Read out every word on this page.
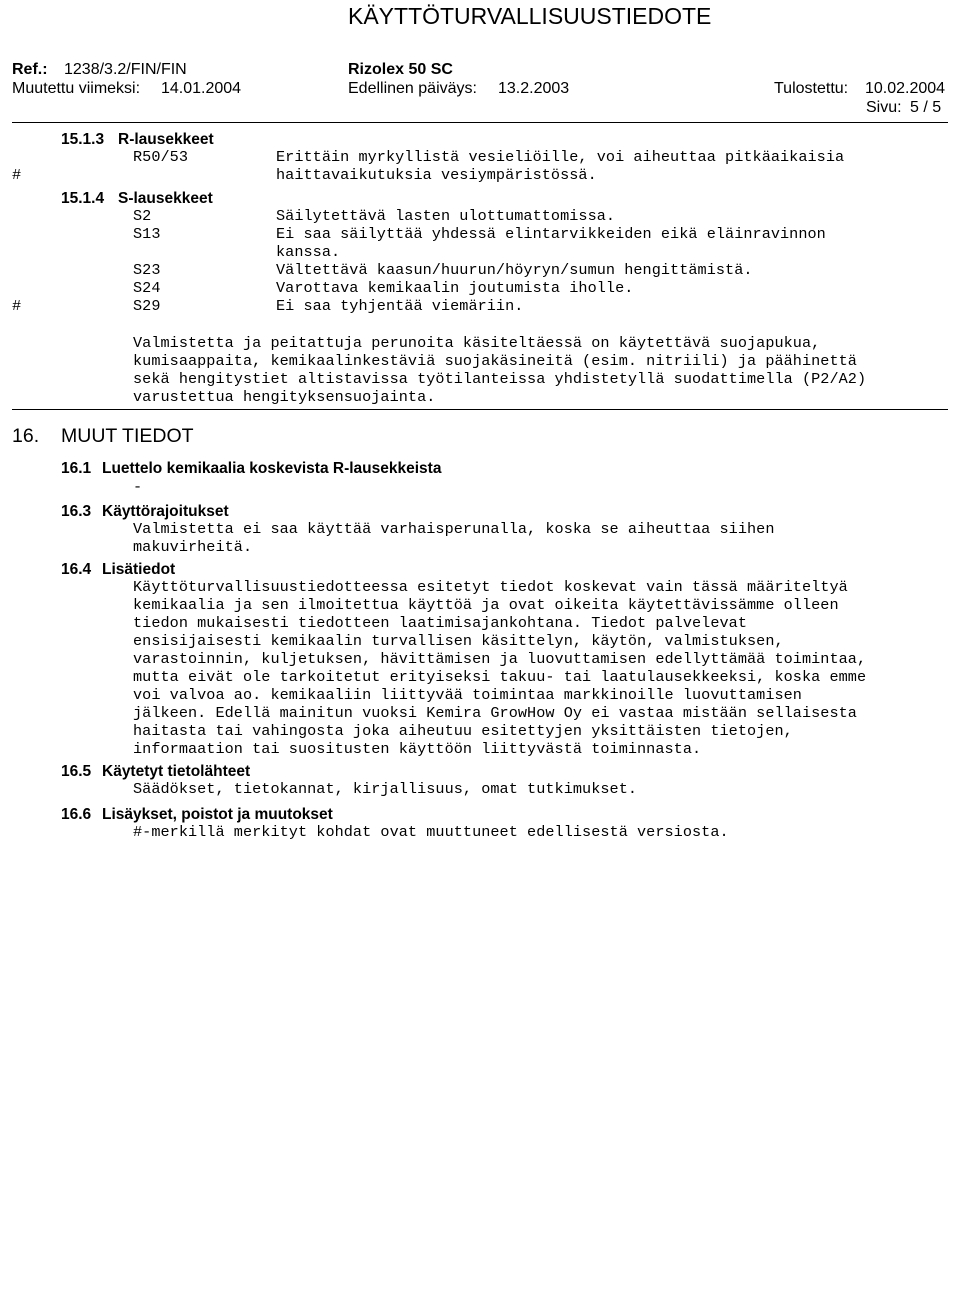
KÄYTTÖTURVALLISUUSTIEDOTE
Ref.: 1238/3.2/FIN/FIN	Rizolex 50 SC
Muutettu viimeksi: 14.01.2004	Edellinen päiväys: 13.2.2003	Tulostettu: 10.02.2004
Sivu: 5 / 5
15.1.3 R-lausekkeet
R50/53	Erittäin myrkyllistä vesieliöille, voi aiheuttaa pitkäaikaisia
#	haittavaikutuksia vesiympäristössä.
15.1.4 S-lausekkeet
S2	Säilytettävä lasten ulottumattomissa.
S13	Ei saa säilyttää yhdessä elintarvikkeiden eikä eläinravinnon
kanssa.
S23	Vältettävä kaasun/huurun/höyryn/sumun hengittämistä.
S24	Varottava kemikaalin joutumista iholle.
#	S29	Ei saa tyhjentää viemäriin.
Valmistetta ja peitattuja perunoita käsiteltäessä on käytettävä suojapukua,
kumisaappaita, kemikaalinkestäviä suojakäsineitä (esim. nitriili) ja päähinettä
sekä hengitystiet altistavissa työtilanteissa yhdistetyllä suodattimella (P2/A2)
varustettua hengityksensuojainta.
16. MUUT TIEDOT
16.1 Luettelo kemikaalia koskevista R-lausekkeista
-
16.3 Käyttörajoitukset
Valmistetta ei saa käyttää varhaisperunalla, koska se aiheuttaa siihen
makuvirheitä.
16.4 Lisätiedot
Käyttöturvallisuustiedotteessa esitetyt tiedot koskevat vain tässä määriteltyä
kemikaalia ja sen ilmoitettua käyttöä ja ovat oikeita käytettävissämme olleen
tiedon mukaisesti tiedotteen laatimisajankohtana. Tiedot palvelevat
ensisijaisesti kemikaalin turvallisen käsittelyn, käytön, valmistuksen,
varastoinnin, kuljetuksen, hävittämisen ja luovuttamisen edellyttämää toimintaa,
mutta eivät ole tarkoitetut erityiseksi takuu- tai laatulausekkeeksi, koska emme
voi valvoa ao. kemikaaliin liittyvää toimintaa markkinoille luovuttamisen
jälkeen. Edellä mainitun vuoksi Kemira GrowHow Oy ei vastaa mistään sellaisesta
haitasta tai vahingosta joka aiheutuu esitettyjen yksittäisten tietojen,
informaation tai suositusten käyttöön liittyvästä toiminnasta.
16.5 Käytetyt tietolähteet
Säädökset, tietokannat, kirjallisuus, omat tutkimukset.
16.6 Lisäykset, poistot ja muutokset
#-merkillä merkityt kohdat ovat muuttuneet edellisestä versiosta.
